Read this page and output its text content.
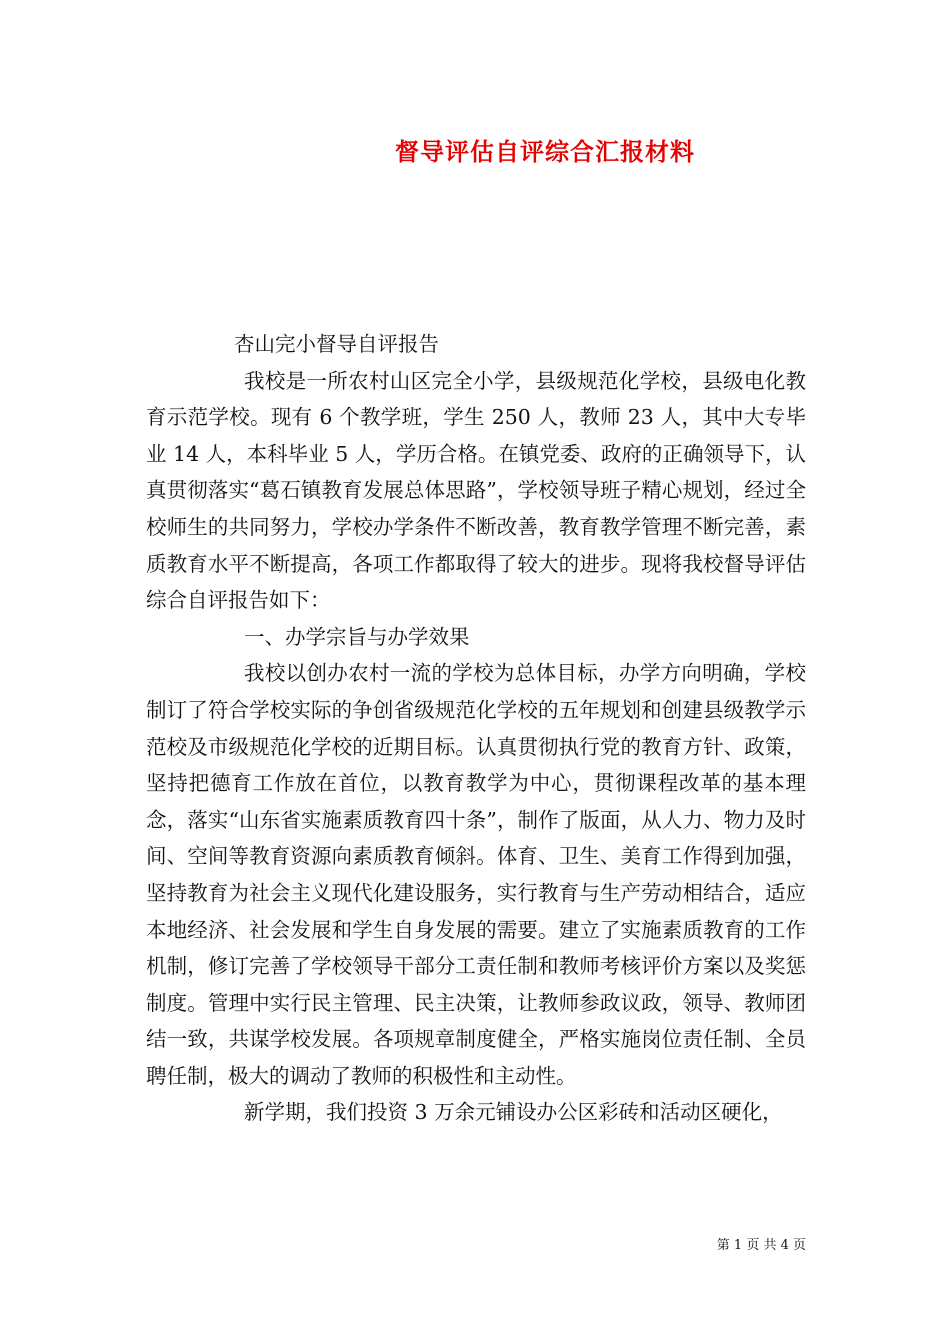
督导评估自评综合汇报材料

杏山完小督导自评报告

我校是一所农村山区完全小学，县级规范化学校，县级电化教育示范学校。现有 6 个教学班，学生 250 人，教师 23 人，其中大专毕业 14 人，本科毕业 5 人，学历合格。在镇党委、政府的正确领导下，认真贯彻落实“葛石镇教育发展总体思路”，学校领导班子精心规划，经过全校师生的共同努力，学校办学条件不断改善，教育教学管理不断完善，素质教育水平不断提高，各项工作都取得了较大的进步。现将我校督导评估综合自评报告如下：

一、办学宗旨与办学效果

我校以创办农村一流的学校为总体目标，办学方向明确，学校制订了符合学校实际的争创省级规范化学校的五年规划和创建县级教学示范校及市级规范化学校的近期目标。认真贯彻执行党的教育方针、政策，坚持把德育工作放在首位，以教育教学为中心，贯彻课程改革的基本理念，落实“山东省实施素质教育四十条”，制作了版面，从人力、物力及时间、空间等教育资源向素质教育倾斜。体育、卫生、美育工作得到加强，坚持教育为社会主义现代化建设服务，实行教育与生产劳动相结合，适应本地经济、社会发展和学生自身发展的需要。建立了实施素质教育的工作机制，修订完善了学校领导干部分工责任制和教师考核评价方案以及奖惩制度。管理中实行民主管理、民主决策，让教师参政议政，领导、教师团结一致，共谋学校发展。各项规章制度健全，严格实施岗位责任制、全员聘任制，极大的调动了教师的积极性和主动性。

新学期，我们投资 3 万余元铺设办公区彩砖和活动区硬化，

第 1 页 共 4 页
